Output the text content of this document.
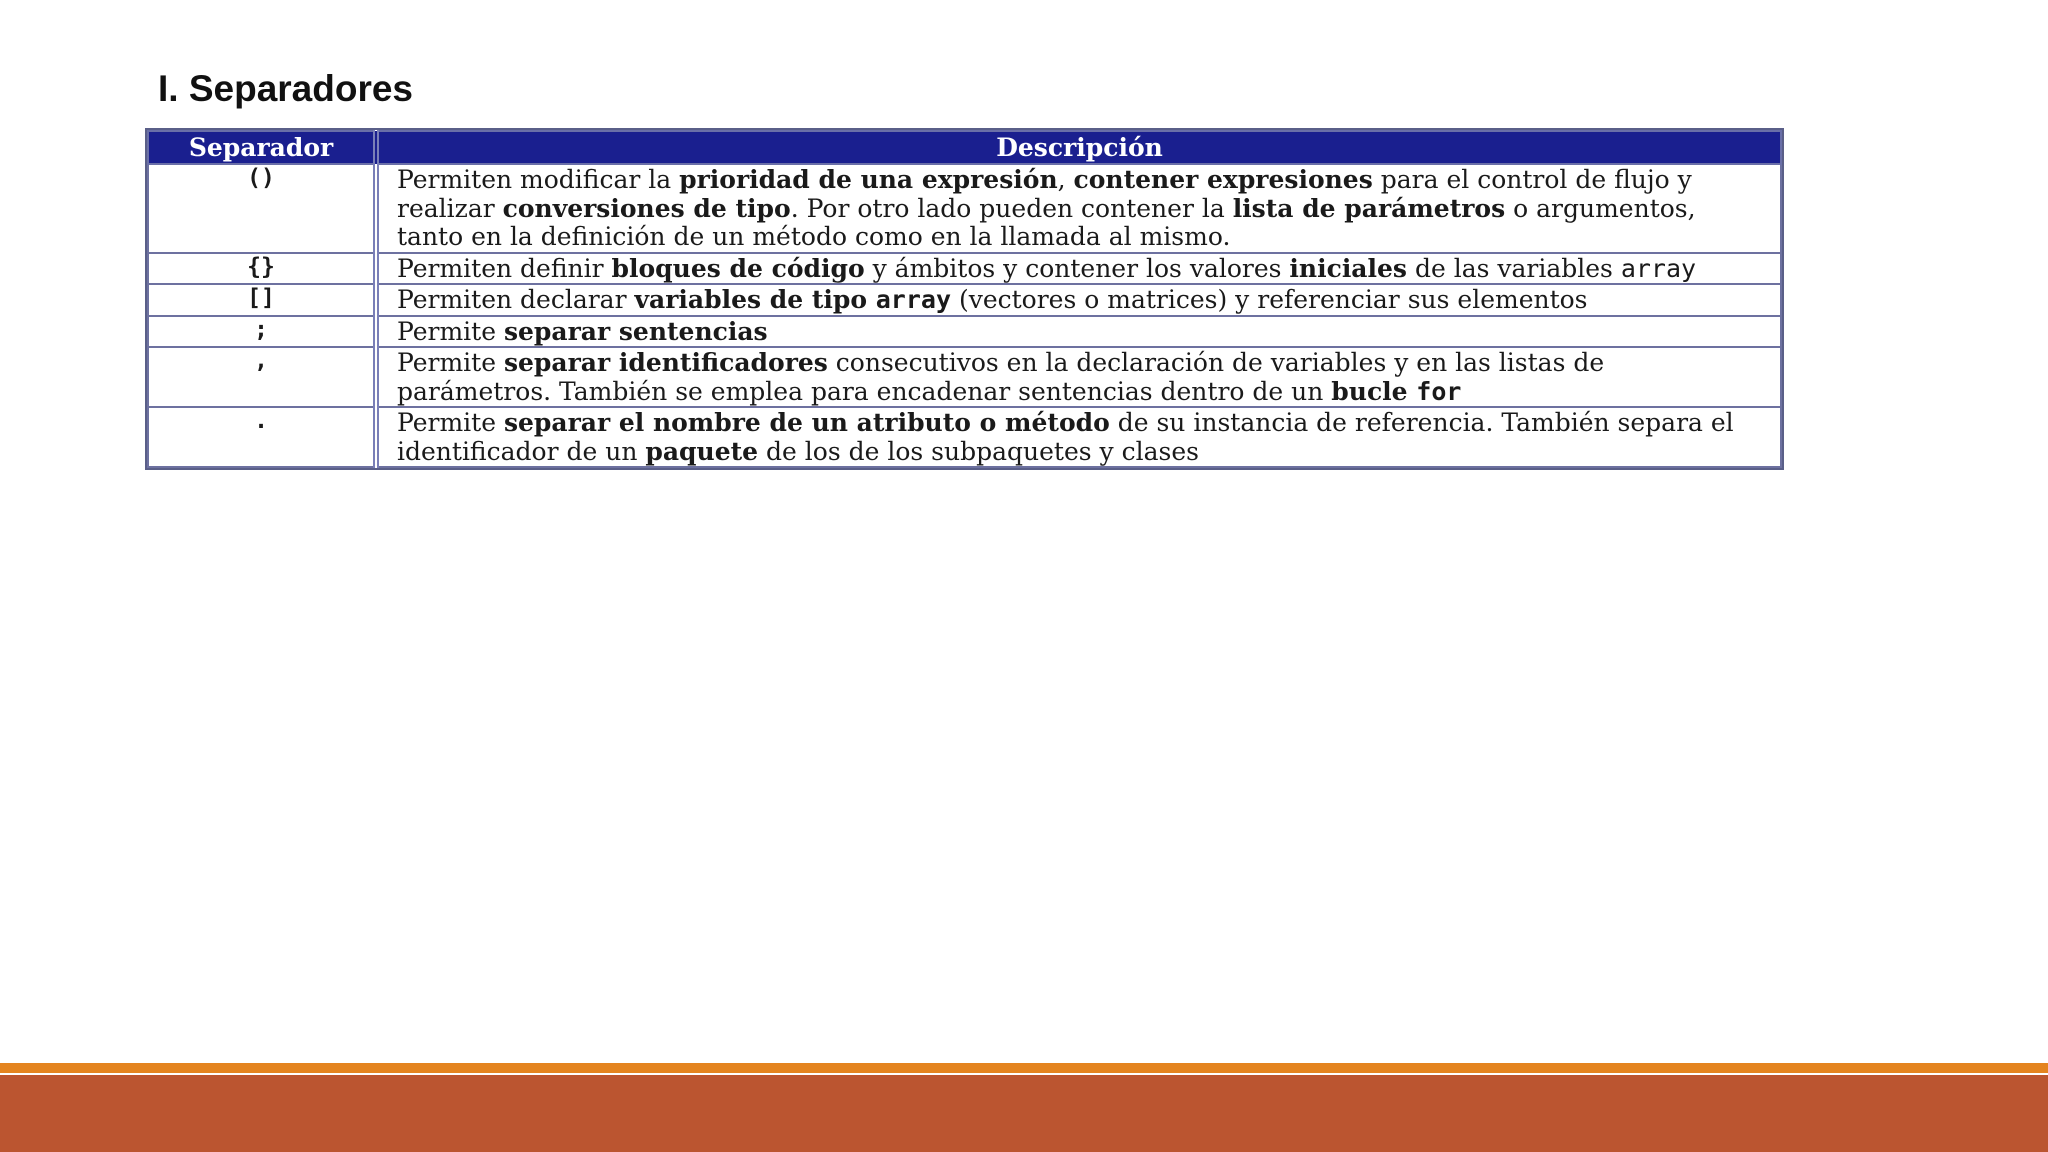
I. Separadores
Separador	Descripción
()	Permiten modificar la prioridad de una expresión, contener expresiones para el control de flujo y realizar conversiones de tipo. Por otro lado pueden contener la lista de parámetros o argumentos, tanto en la definición de un método como en la llamada al mismo.
{}	Permiten definir bloques de código y ámbitos y contener los valores iniciales de las variables array
[]	Permiten declarar variables de tipo array (vectores o matrices) y referenciar sus elementos
;	Permite separar sentencias
,	Permite separar identificadores consecutivos en la declaración de variables y en las listas de parámetros. También se emplea para encadenar sentencias dentro de un bucle for
.	Permite separar el nombre de un atributo o método de su instancia de referencia. También separa el identificador de un paquete de los de los subpaquetes y clases
